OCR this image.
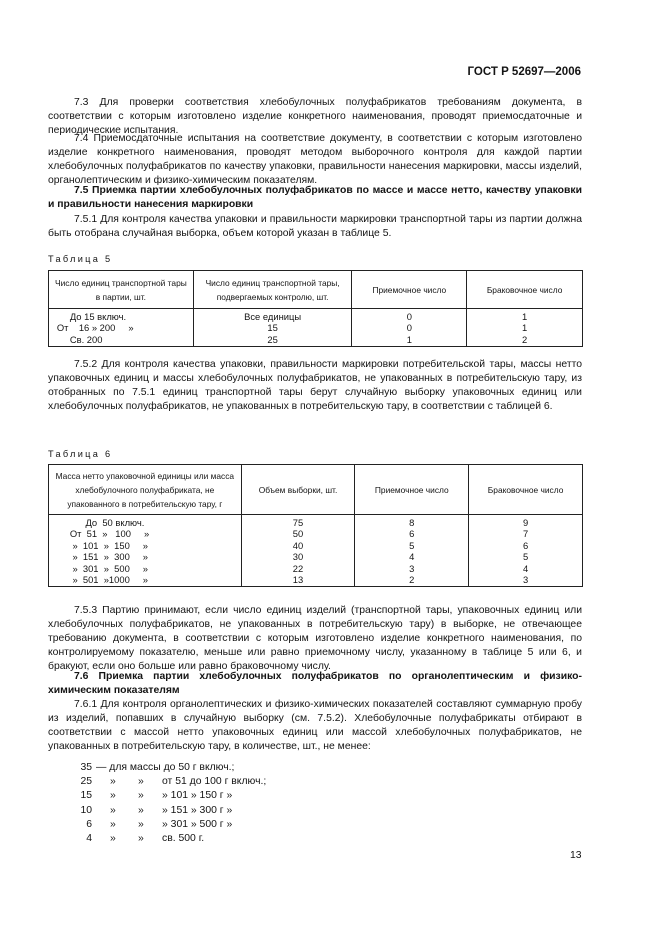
ГОСТ Р 52697—2006

7.3 Для проверки соответствия хлебобулочных полуфабрикатов требованиям документа, в соответствии с которым изготовлено изделие конкретного наименования, проводят приемосдаточные и периодические испытания.

7.4 Приемосдаточные испытания на соответствие документу, в соответствии с которым изготовлено изделие конкретного наименования, проводят методом выборочного контроля для каждой партии хлебобулочных полуфабрикатов по качеству упаковки, правильности нанесения маркировки, массы изделий, органолептическим и физико-химическим показателям.

7.5 Приемка партии хлебобулочных полуфабрикатов по массе и массе нетто, качеству упаковки и правильности нанесения маркировки

7.5.1 Для контроля качества упаковки и правильности маркировки транспортной тары из партии должна быть отобрана случайная выборка, объем которой указан в таблице 5.

Таблица 5
Число единиц транспортной тары в партии, шт.	Число единиц транспортной тары, подвергаемых контролю, шт.	Приемочное число	Браковочное число
До 15 включ.	Все единицы	0	1
От    16 » 200     »	15	0	1
Св. 200	25	1	2

7.5.2 Для контроля качества упаковки, правильности маркировки потребительской тары, массы нетто упаковочных единиц и массы хлебобулочных полуфабрикатов, не упакованных в потребительскую тару, из отобранных по 7.5.1 единиц транспортной тары берут случайную выборку упаковочных единиц или хлебобулочных полуфабрикатов, не упакованных в потребительскую тару, в соответствии с таблицей 6.

Таблица 6
Масса нетто упаковочной единицы или масса хлебобулочного полуфабриката, не упакованного в потребительскую тару, г	Объем выборки, шт.	Приемочное число	Браковочное число
До  50 включ.	75	8	9
От  51  »   100     »	50	6	7
»  101  »  150     »	40	5	6
»  151  »  300     »	30	4	5
»  301  »  500     »	22	3	4
»  501  »1000     »	13	2	3

7.5.3 Партию принимают, если число единиц изделий (транспортной тары, упаковочных единиц или хлебобулочных полуфабрикатов, не упакованных в потребительскую тару) в выборке, не отвечающее требованию документа, в соответствии с которым изготовлено изделие конкретного наименования, по контролируемому показателю, меньше или равно приемочному числу, указанному в таблице 5 или 6, и бракуют, если оно больше или равно браковочному числу.

7.6 Приемка партии хлебобулочных полуфабрикатов по органолептическим и физико-химическим показателям

7.6.1 Для контроля органолептических и физико-химических показателей составляют суммарную пробу из изделий, попавших в случайную выборку (см. 7.5.2). Хлебобулочные полуфабрикаты отбирают в соответствии с массой нетто упаковочных единиц или массой хлебобулочных полуфабрикатов, не упакованных в потребительскую тару, в количестве, шт., не менее:

35 — для массы до 50 г включ.;
25 » » от 51 до 100 г включ.;
15 » » » 101 » 150 г »
10 » » » 151 » 300 г »
6 » » » 301 » 500 г »
4 » » св. 500 г.
13
